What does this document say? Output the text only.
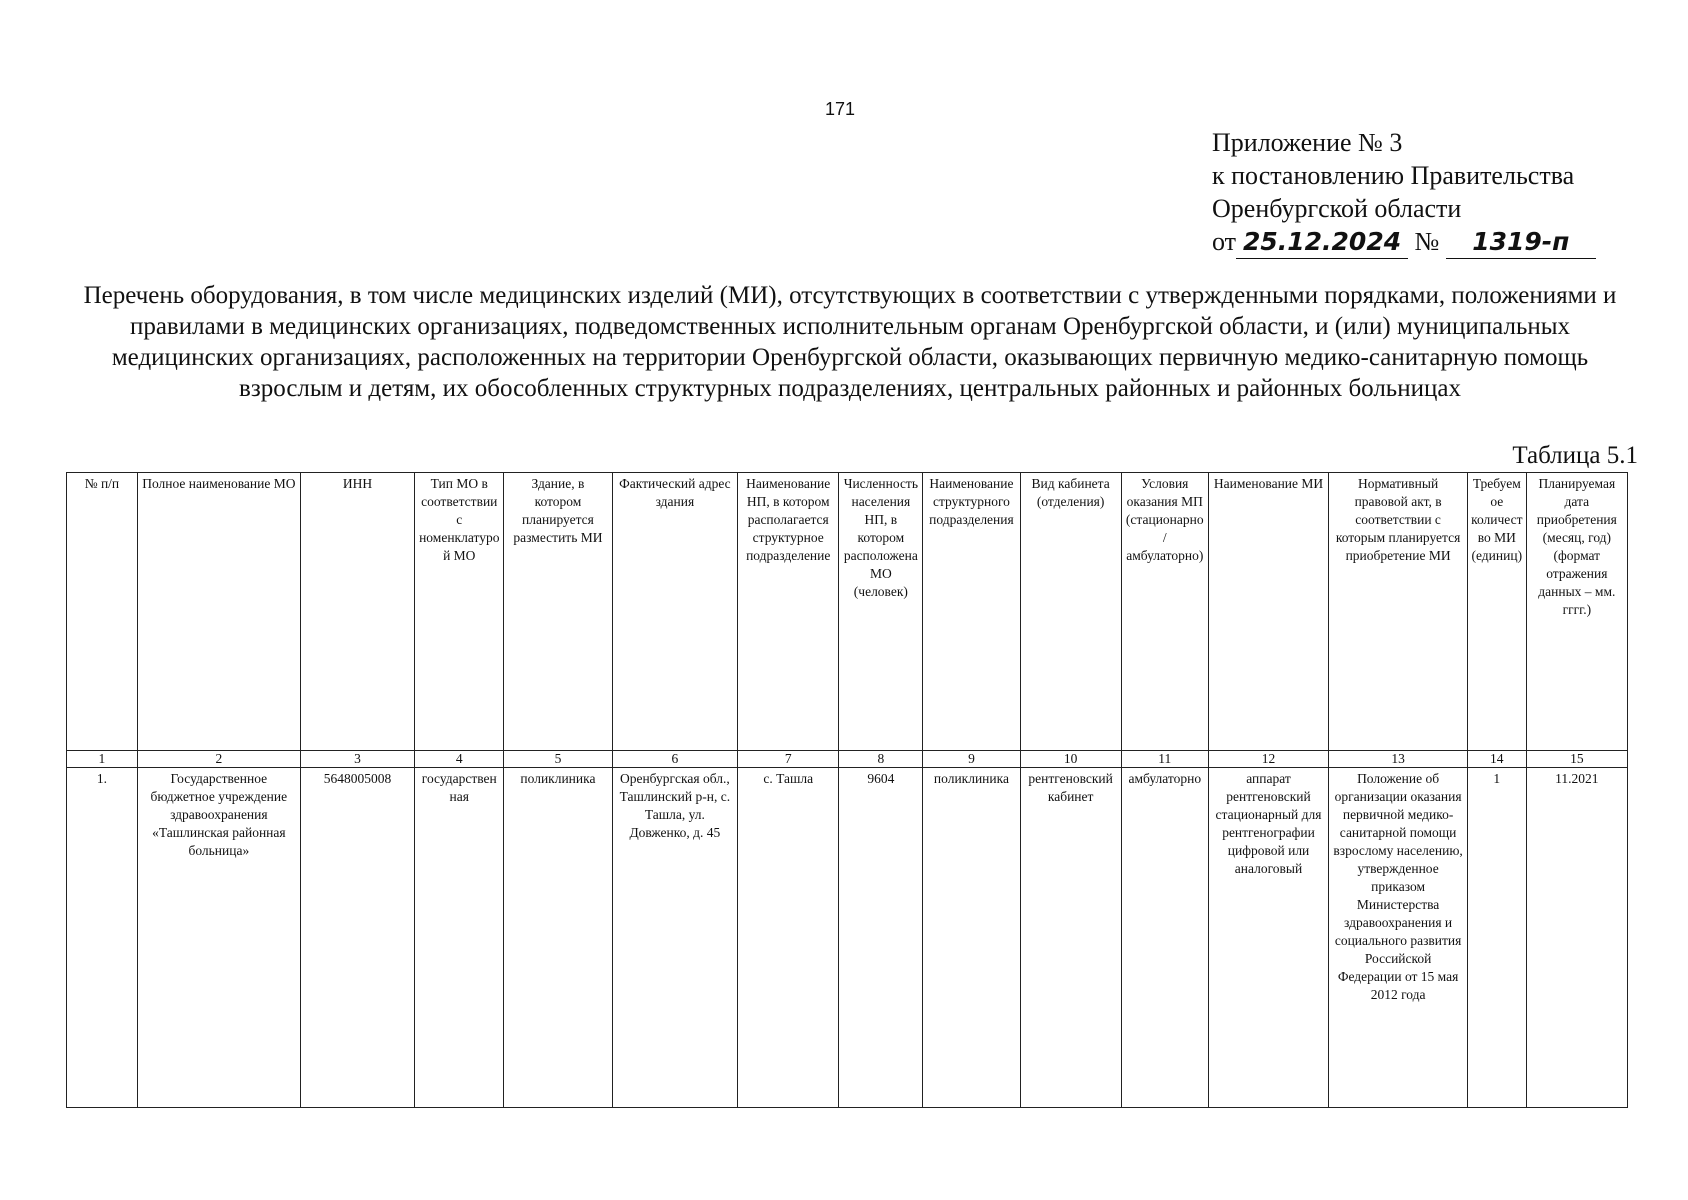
171
Приложение № 3
к постановлению Правительства
Оренбургской области
от 25.12.2024 № 1319-п
Перечень оборудования, в том числе медицинских изделий (МИ), отсутствующих в соответствии с утвержденными порядками, положениями и правилами в медицинских организациях, подведомственных исполнительным органам Оренбургской области, и (или) муниципальных медицинских организациях, расположенных на территории Оренбургской области, оказывающих первичную медико-санитарную помощь взрослым и детям, их обособленных структурных подразделениях, центральных районных и районных больницах
Таблица 5.1
№ п/п	Полное наименование МО	ИНН	Тип МО в соответствии с номенклатурой МО	Здание, в котором планируется разместить МИ	Фактический адрес здания	Наименование НП, в котором располагается структурное подразделение	Численность населения НП, в котором расположена МО (человек)	Наименование структурного подразделения	Вид кабинета (отделения)	Условия оказания МП (стационарно/амбулаторно)	Наименование МИ	Нормативный правовой акт, в соответствии с которым планируется приобретение МИ	Требуемое количество МИ (единиц)	Планируемая дата приобретения (месяц, год) (формат отражения данных – мм. гггг.)
1	2	3	4	5	6	7	8	9	10	11	12	13	14	15
1.	Государственное бюджетное учреждение здравоохранения «Ташлинская районная больница»	5648005008	государственная	поликлиника	Оренбургская обл., Ташлинский р-н, с. Ташла, ул. Довженко, д. 45	с. Ташла	9604	поликлиника	рентгеновский кабинет	амбулаторно	аппарат рентгеновский стационарный для рентгенографии цифровой или аналоговый	Положение об организации оказания первичной медико-санитарной помощи взрослому населению, утвержденное приказом Министерства здравоохранения и социального развития Российской Федерации от 15 мая 2012 года	1	11.2021
